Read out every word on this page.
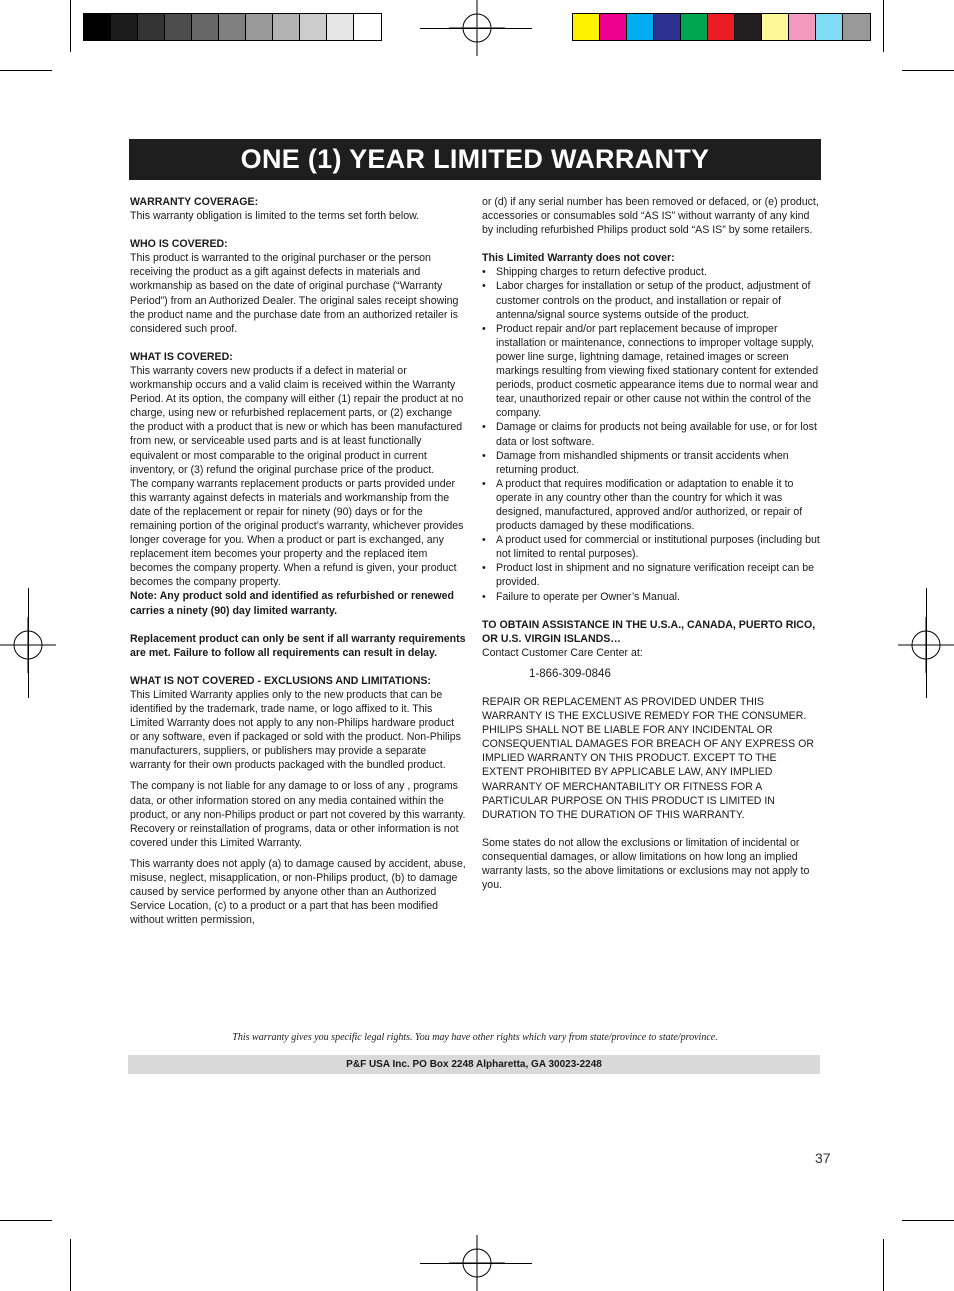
ONE (1) YEAR LIMITED WARRANTY
WARRANTY COVERAGE:
This warranty obligation is limited to the terms set forth below.
WHO IS COVERED:
This product is warranted to the original purchaser or the person receiving the product as a gift against defects in materials and workmanship as based on the date of original purchase (“Warranty Period”) from an Authorized Dealer. The original sales receipt showing the product name and the purchase date from an authorized retailer is considered such proof.
WHAT IS COVERED:
This warranty covers new products if a defect in material or workmanship occurs and a valid claim is received within the Warranty Period. At its option, the company will either (1) repair the product at no charge, using new or refurbished replacement parts, or (2) exchange the product with a product that is new or which has been manufactured from new, or serviceable used parts and is at least functionally equivalent or most comparable to the original product in current inventory, or (3) refund the original purchase price of the product.
The company warrants replacement products or parts provided under this warranty against defects in materials and workmanship from the date of the replacement or repair for ninety (90) days or for the remaining portion of the original product’s warranty, whichever provides longer coverage for you. When a product or part is exchanged, any replacement item becomes your property and the replaced item becomes the company property. When a refund is given, your product becomes the company property.
Note: Any product sold and identified as refurbished or renewed carries a ninety (90) day limited warranty.
Replacement product can only be sent if all warranty requirements are met. Failure to follow all requirements can result in delay.
WHAT IS NOT COVERED - EXCLUSIONS AND LIMITATIONS:
This Limited Warranty applies only to the new products that can be identified by the trademark, trade name, or logo affixed to it. This Limited Warranty does not apply to any non-Philips hardware product or any software, even if packaged or sold with the product. Non-Philips manufacturers, suppliers, or publishers may provide a separate warranty for their own products packaged with the bundled product.
The company is not liable for any damage to or loss of any , programs data, or other information stored on any media contained within the product, or any non-Philips product or part not covered by this warranty. Recovery or reinstallation of programs, data or other information is not covered under this Limited Warranty.
This warranty does not apply (a) to damage caused by accident, abuse, misuse, neglect, misapplication, or non-Philips product, (b) to damage caused by service performed by anyone other than an Authorized Service Location, (c) to a product or a part that has been modified without written permission,
or (d) if any serial number has been removed or defaced, or (e) product, accessories or consumables sold “AS IS” without warranty of any kind by including refurbished Philips product sold “AS IS” by some retailers.
This Limited Warranty does not cover:
• Shipping charges to return defective product.
• Labor charges for installation or setup of the product, adjustment of customer controls on the product, and installation or repair of antenna/signal source systems outside of the product.
• Product repair and/or part replacement because of improper installation or maintenance, connections to improper voltage supply, power line surge, lightning damage, retained images or screen markings resulting from viewing fixed stationary content for extended periods, product cosmetic appearance items due to normal wear and tear, unauthorized repair or other cause not within the control of the company.
• Damage or claims for products not being available for use, or for lost data or lost software.
• Damage from mishandled shipments or transit accidents when returning product.
• A product that requires modification or adaptation to enable it to operate in any country other than the country for which it was designed, manufactured, approved and/or authorized, or repair of products damaged by these modifications.
• A product used for commercial or institutional purposes (including but not limited to rental purposes).
• Product lost in shipment and no signature verification receipt can be provided.
• Failure to operate per Owner’s Manual.
TO OBTAIN ASSISTANCE IN THE U.S.A., CANADA, PUERTO RICO, OR U.S. VIRGIN ISLANDS…
Contact Customer Care Center at:
1-866-309-0846
REPAIR OR REPLACEMENT AS PROVIDED UNDER THIS WARRANTY IS THE EXCLUSIVE REMEDY FOR THE CONSUMER. PHILIPS SHALL NOT BE LIABLE FOR ANY INCIDENTAL OR CONSEQUENTIAL DAMAGES FOR BREACH OF ANY EXPRESS OR IMPLIED WARRANTY ON THIS PRODUCT. EXCEPT TO THE EXTENT PROHIBITED BY APPLICABLE LAW, ANY IMPLIED WARRANTY OF MERCHANTABILITY OR FITNESS FOR A PARTICULAR PURPOSE ON THIS PRODUCT IS LIMITED IN DURATION TO THE DURATION OF THIS WARRANTY.
Some states do not allow the exclusions or limitation of incidental or consequential damages, or allow limitations on how long an implied warranty lasts, so the above limitations or exclusions may not apply to you.
This warranty gives you specific legal rights. You may have other rights which vary from state/province to state/province.
P&F USA Inc. PO Box 2248 Alpharetta, GA 30023-2248
37
